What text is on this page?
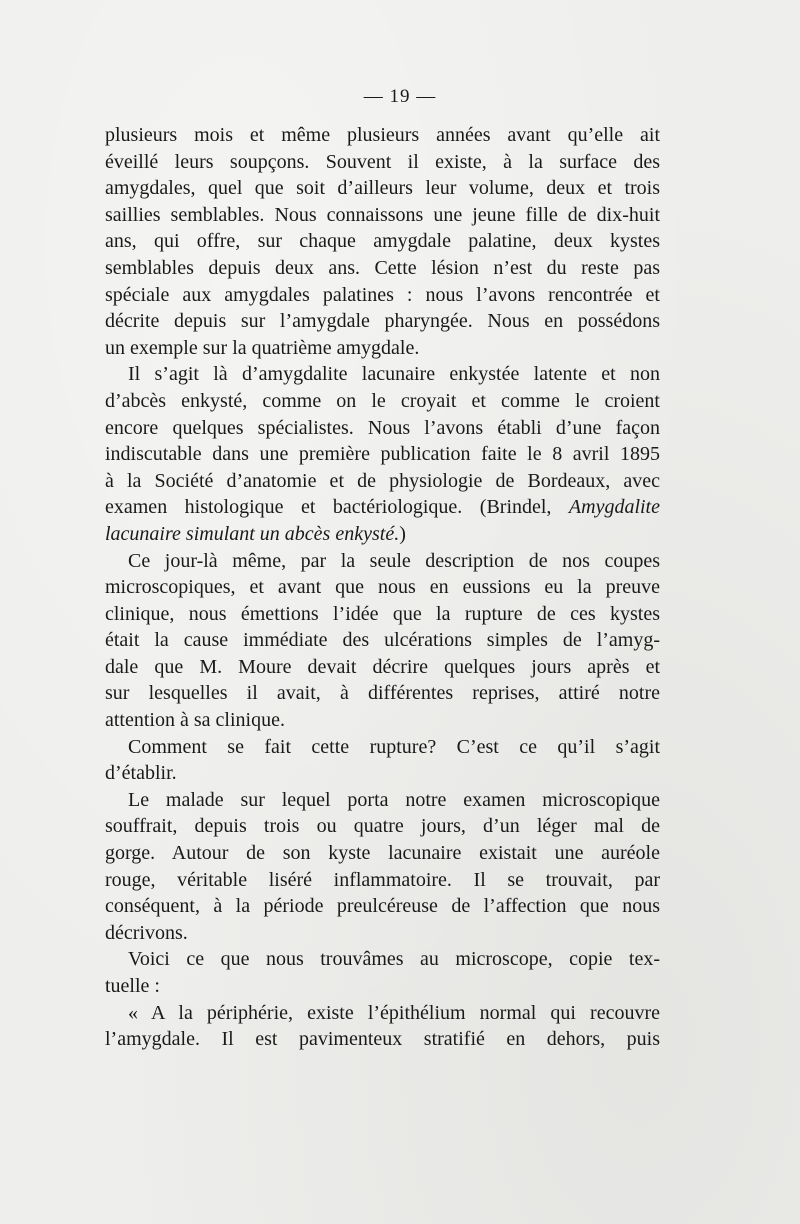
— 19 —
plusieurs mois et même plusieurs années avant qu’elle ait
éveillé leurs soupçons. Souvent il existe, à la surface des
amygdales, quel que soit d’ailleurs leur volume, deux et trois
saillies semblables. Nous connaissons une jeune fille de dix-huit
ans, qui offre, sur chaque amygdale palatine, deux kystes
semblables depuis deux ans. Cette lésion n’est du reste pas
spéciale aux amygdales palatines : nous l’avons rencontrée et
décrite depuis sur l’amygdale pharyngée. Nous en possédons
un exemple sur la quatrième amygdale.
Il s’agit là d’amygdalite lacunaire enkystée latente et non
d’abcès enkysté, comme on le croyait et comme le croient
encore quelques spécialistes. Nous l’avons établi d’une façon
indiscutable dans une première publication faite le 8 avril 1895
à la Société d’anatomie et de physiologie de Bordeaux, avec
examen histologique et bactériologique. (Brindel, Amygdalite
lacunaire simulant un abcès enkysté.)
Ce jour-là même, par la seule description de nos coupes
microscopiques, et avant que nous en eussions eu la preuve
clinique, nous émettions l’idée que la rupture de ces kystes
était la cause immédiate des ulcérations simples de l’amyg-
dale que M. Moure devait décrire quelques jours après et
sur lesquelles il avait, à différentes reprises, attiré notre
attention à sa clinique.
Comment se fait cette rupture? C’est ce qu’il s’agit
d’établir.
Le malade sur lequel porta notre examen microscopique
souffrait, depuis trois ou quatre jours, d’un léger mal de
gorge. Autour de son kyste lacunaire existait une auréole
rouge, véritable liséré inflammatoire. Il se trouvait, par
conséquent, à la période preulcéreuse de l’affection que nous
décrivons.
Voici ce que nous trouvâmes au microscope, copie tex-
tuelle :
« A la périphérie, existe l’épithélium normal qui recouvre
l’amygdale. Il est pavimenteux stratifié en dehors, puis
